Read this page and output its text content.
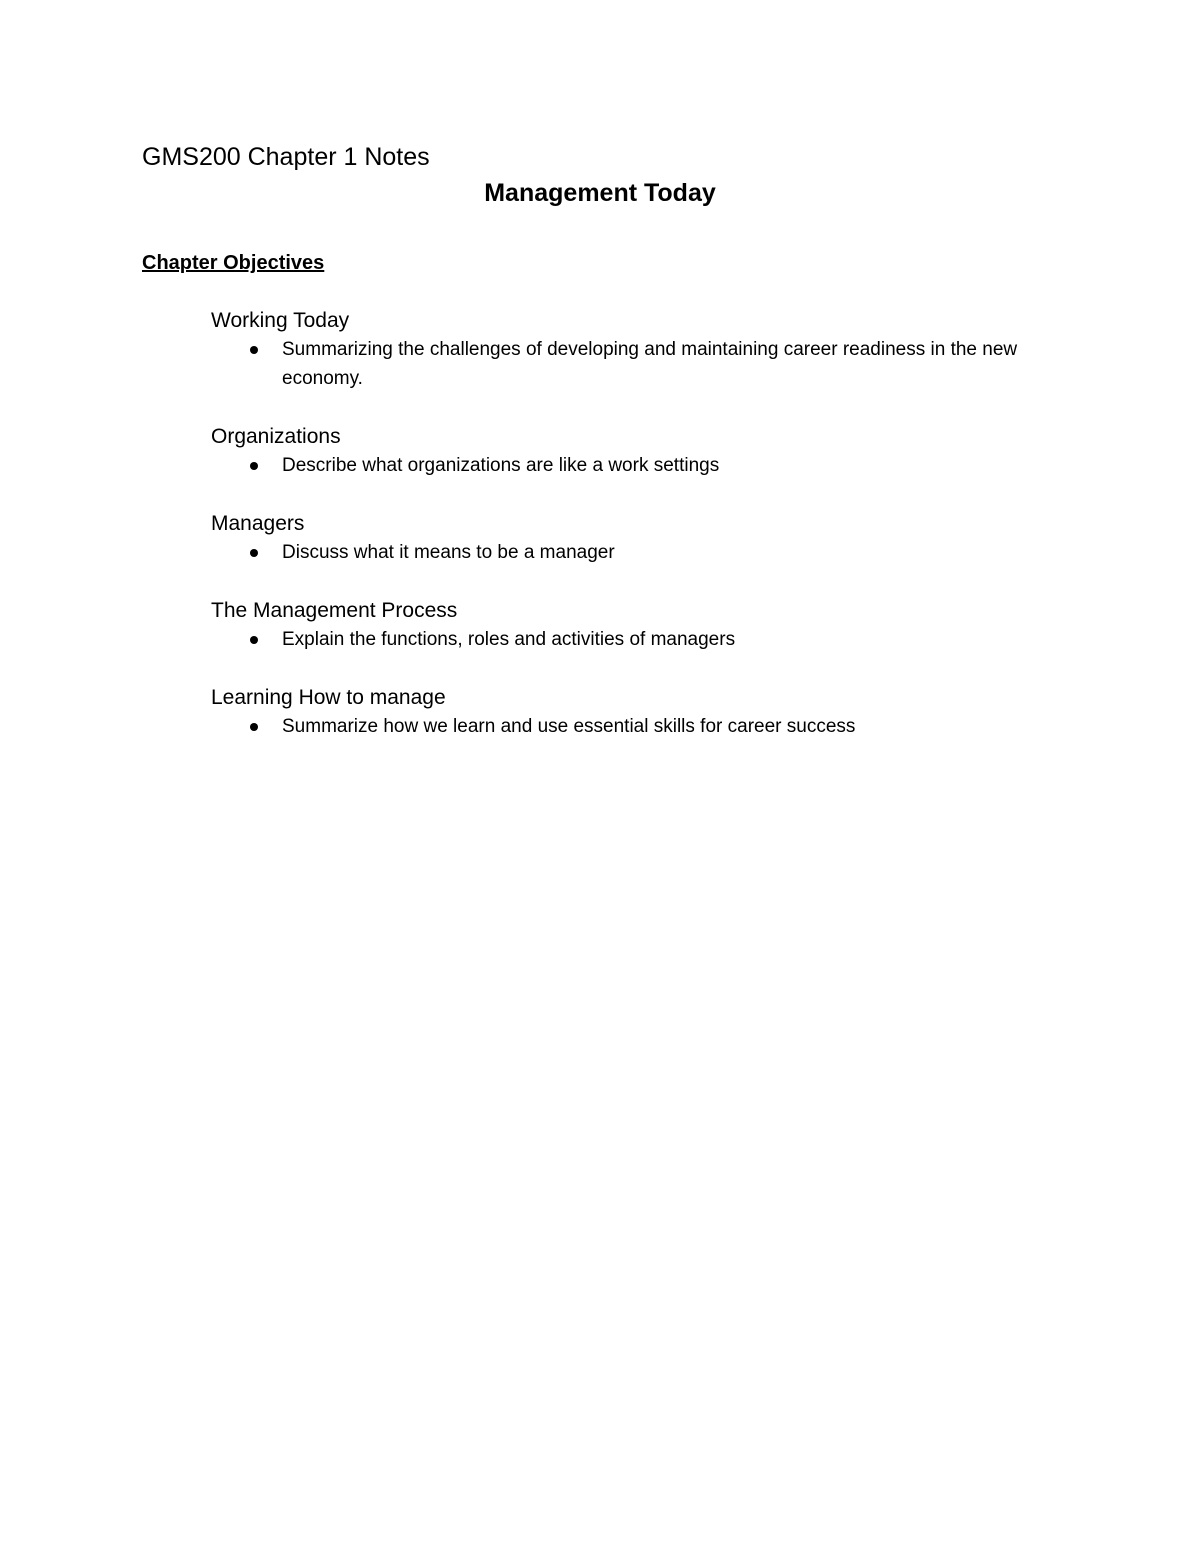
GMS200 Chapter 1 Notes
Management Today
Chapter Objectives
Working Today
Summarizing the challenges of developing and maintaining career readiness in the new economy.
Organizations
Describe what organizations are like a work settings
Managers
Discuss what it means to be a manager
The Management Process
Explain the functions, roles and activities of managers
Learning How to manage
Summarize how we learn and use essential skills for career success
